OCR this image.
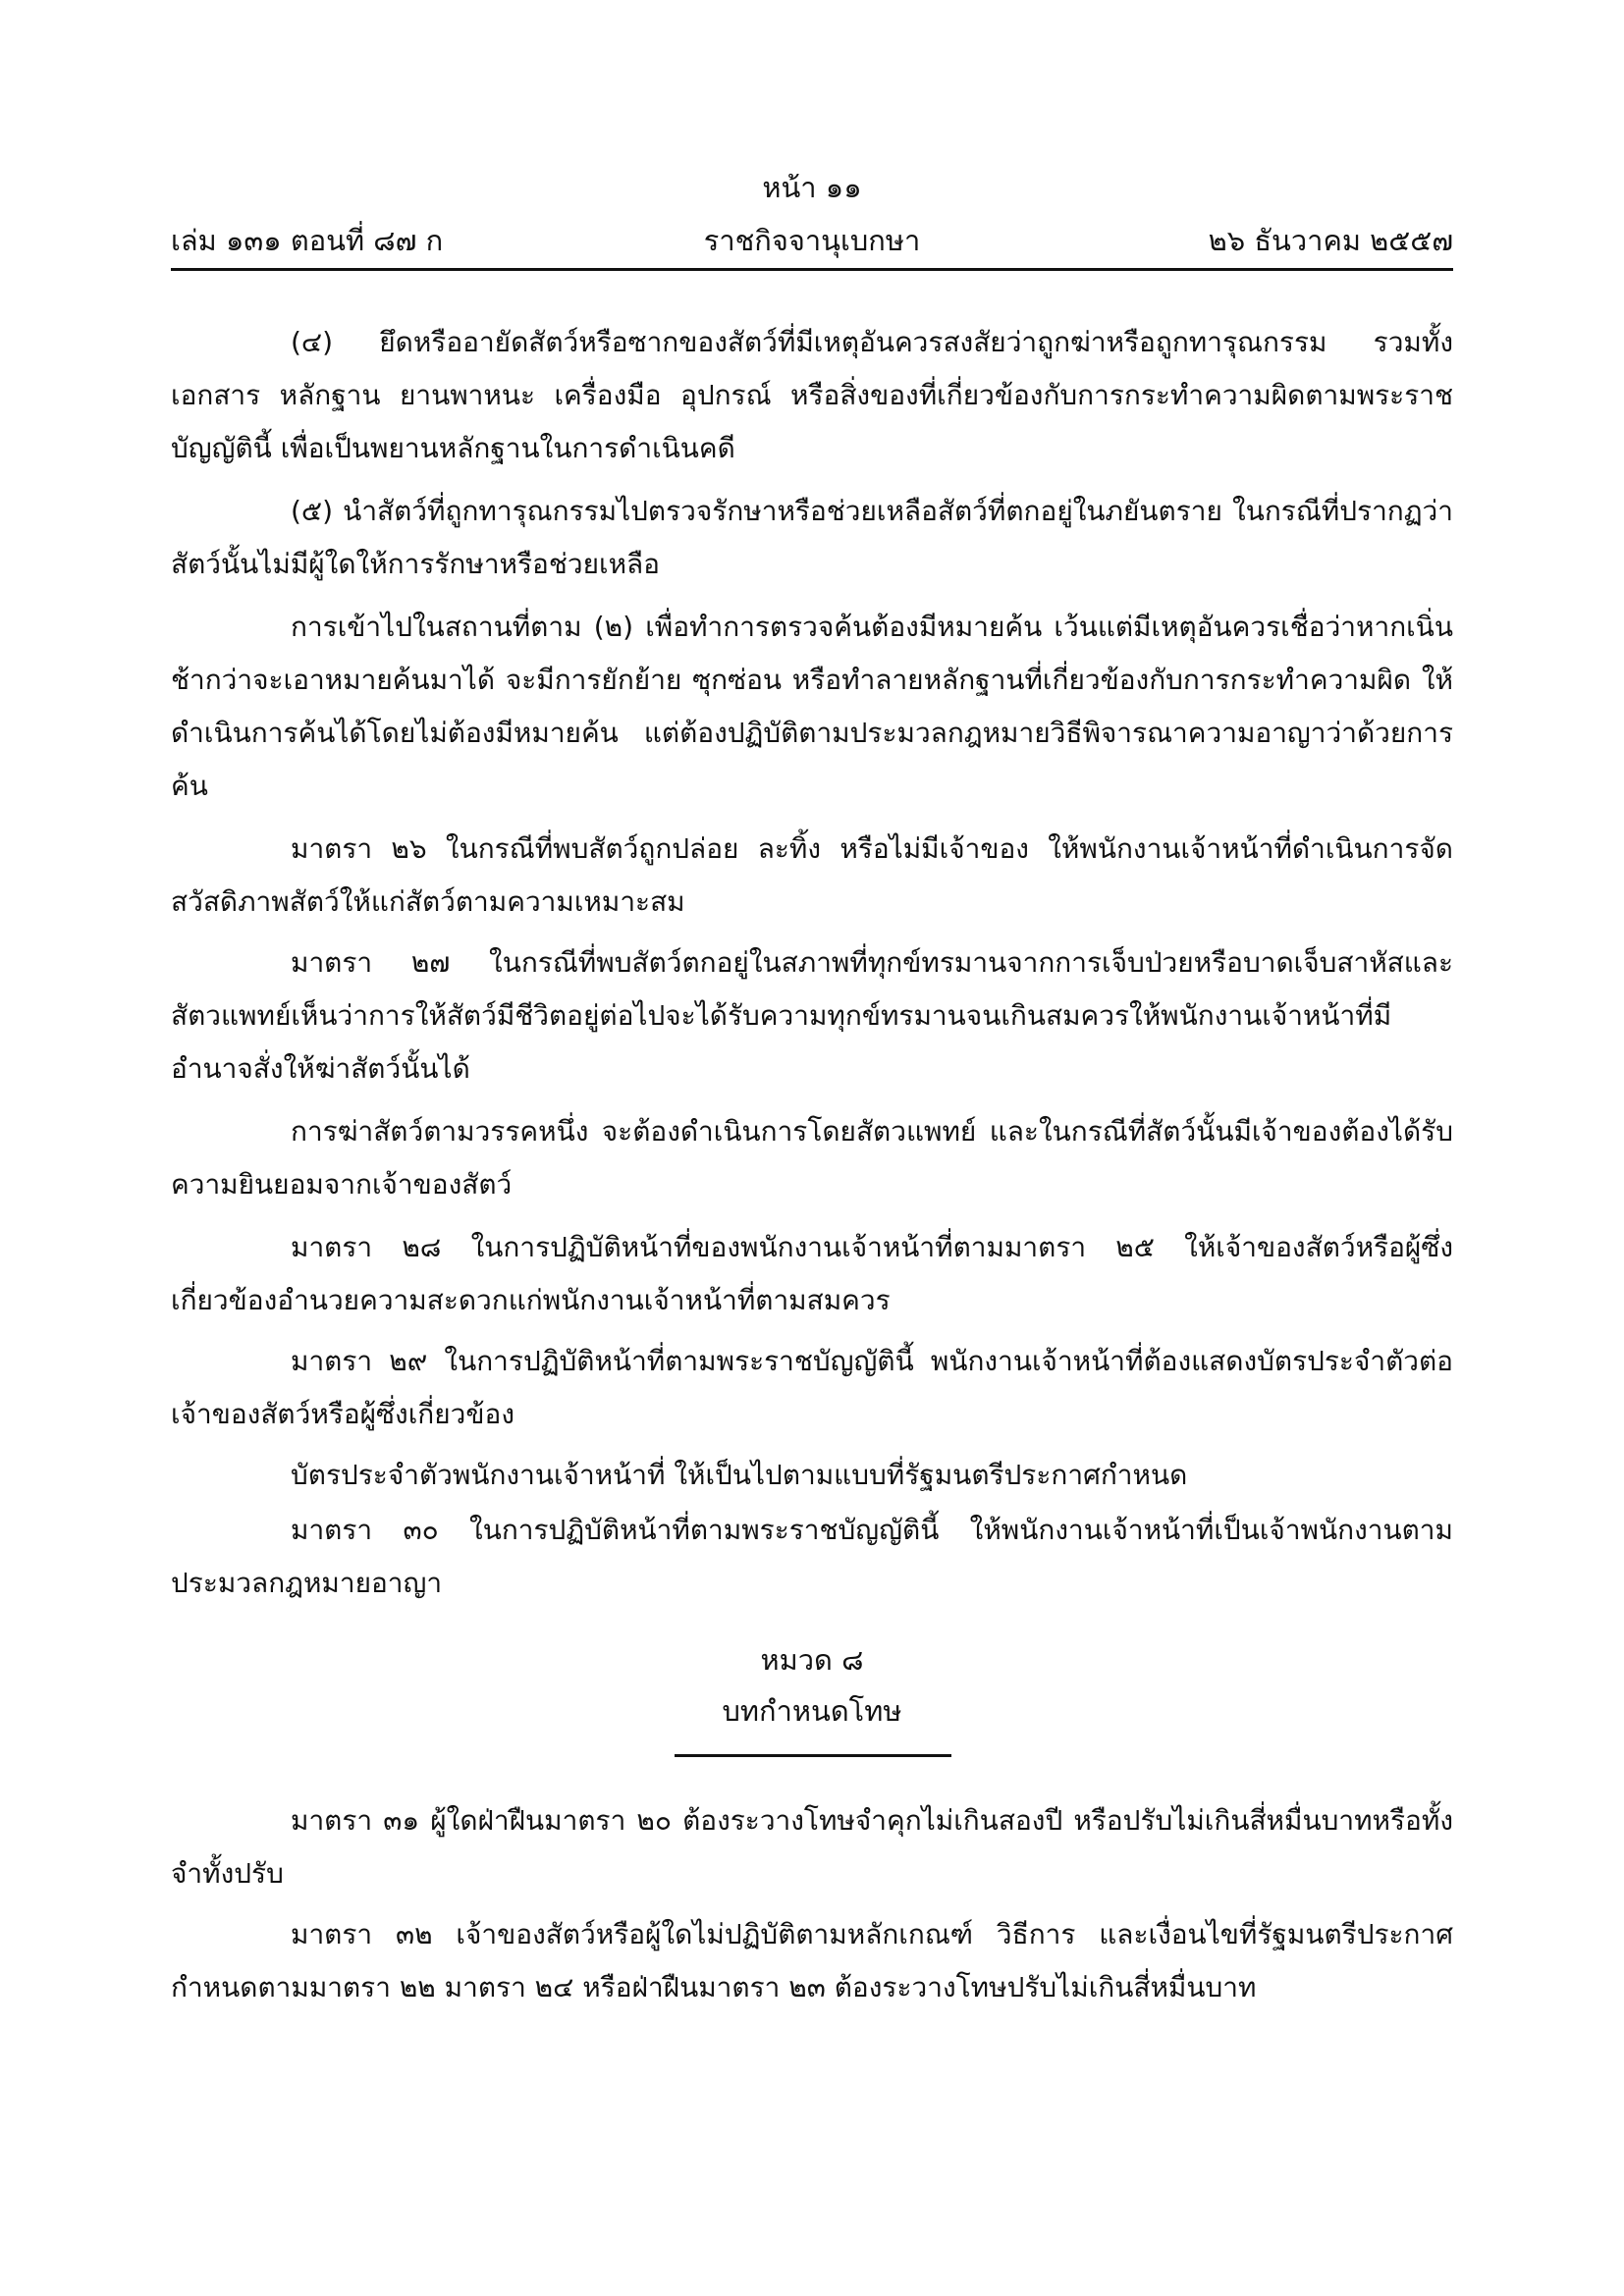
หน้า ๑๑
เล่ม ๑๓๑ ตอนที่ ๘๗ ก	ราชกิจจานุเบกษา	๒๖ ธันวาคม ๒๕๕๗

(๔) ยึดหรืออายัดสัตว์หรือซากของสัตว์ที่มีเหตุอันควรสงสัยว่าถูกฆ่าหรือถูกทารุณกรรม รวมทั้งเอกสาร หลักฐาน ยานพาหนะ เครื่องมือ อุปกรณ์ หรือสิ่งของที่เกี่ยวข้องกับการกระทำความผิดตามพระราชบัญญัตินี้ เพื่อเป็นพยานหลักฐานในการดำเนินคดี

(๕) นำสัตว์ที่ถูกทารุณกรรมไปตรวจรักษาหรือช่วยเหลือสัตว์ที่ตกอยู่ในภยันตราย ในกรณีที่ปรากฏว่าสัตว์นั้นไม่มีผู้ใดให้การรักษาหรือช่วยเหลือ

การเข้าไปในสถานที่ตาม (๒) เพื่อทำการตรวจค้นต้องมีหมายค้น เว้นแต่มีเหตุอันควรเชื่อว่าหากเนิ่นช้ากว่าจะเอาหมายค้นมาได้ จะมีการยักย้าย ซุกซ่อน หรือทำลายหลักฐานที่เกี่ยวข้องกับการกระทำความผิด ให้ดำเนินการค้นได้โดยไม่ต้องมีหมายค้น แต่ต้องปฏิบัติตามประมวลกฎหมายวิธีพิจารณาความอาญาว่าด้วยการค้น

มาตรา ๒๖ ในกรณีที่พบสัตว์ถูกปล่อย ละทิ้ง หรือไม่มีเจ้าของ ให้พนักงานเจ้าหน้าที่ดำเนินการจัดสวัสดิภาพสัตว์ให้แก่สัตว์ตามความเหมาะสม

มาตรา ๒๗ ในกรณีที่พบสัตว์ตกอยู่ในสภาพที่ทุกข์ทรมานจากการเจ็บป่วยหรือบาดเจ็บสาหัสและสัตวแพทย์เห็นว่าการให้สัตว์มีชีวิตอยู่ต่อไปจะได้รับความทุกข์ทรมานจนเกินสมควรให้พนักงานเจ้าหน้าที่มีอำนาจสั่งให้ฆ่าสัตว์นั้นได้

การฆ่าสัตว์ตามวรรคหนึ่ง จะต้องดำเนินการโดยสัตวแพทย์ และในกรณีที่สัตว์นั้นมีเจ้าของต้องได้รับความยินยอมจากเจ้าของสัตว์

มาตรา ๒๘ ในการปฏิบัติหน้าที่ของพนักงานเจ้าหน้าที่ตามมาตรา ๒๕ ให้เจ้าของสัตว์หรือผู้ซึ่งเกี่ยวข้องอำนวยความสะดวกแก่พนักงานเจ้าหน้าที่ตามสมควร

มาตรา ๒๙ ในการปฏิบัติหน้าที่ตามพระราชบัญญัตินี้ พนักงานเจ้าหน้าที่ต้องแสดงบัตรประจำตัวต่อเจ้าของสัตว์หรือผู้ซึ่งเกี่ยวข้อง

บัตรประจำตัวพนักงานเจ้าหน้าที่ ให้เป็นไปตามแบบที่รัฐมนตรีประกาศกำหนด

มาตรา ๓๐ ในการปฏิบัติหน้าที่ตามพระราชบัญญัตินี้ ให้พนักงานเจ้าหน้าที่เป็นเจ้าพนักงานตามประมวลกฎหมายอาญา

หมวด ๘
บทกำหนดโทษ

มาตรา ๓๑ ผู้ใดฝ่าฝืนมาตรา ๒๐ ต้องระวางโทษจำคุกไม่เกินสองปี หรือปรับไม่เกินสี่หมื่นบาทหรือทั้งจำทั้งปรับ

มาตรา ๓๒ เจ้าของสัตว์หรือผู้ใดไม่ปฏิบัติตามหลักเกณฑ์ วิธีการ และเงื่อนไขที่รัฐมนตรีประกาศกำหนดตามมาตรา ๒๒ มาตรา ๒๔ หรือฝ่าฝืนมาตรา ๒๓ ต้องระวางโทษปรับไม่เกินสี่หมื่นบาท
